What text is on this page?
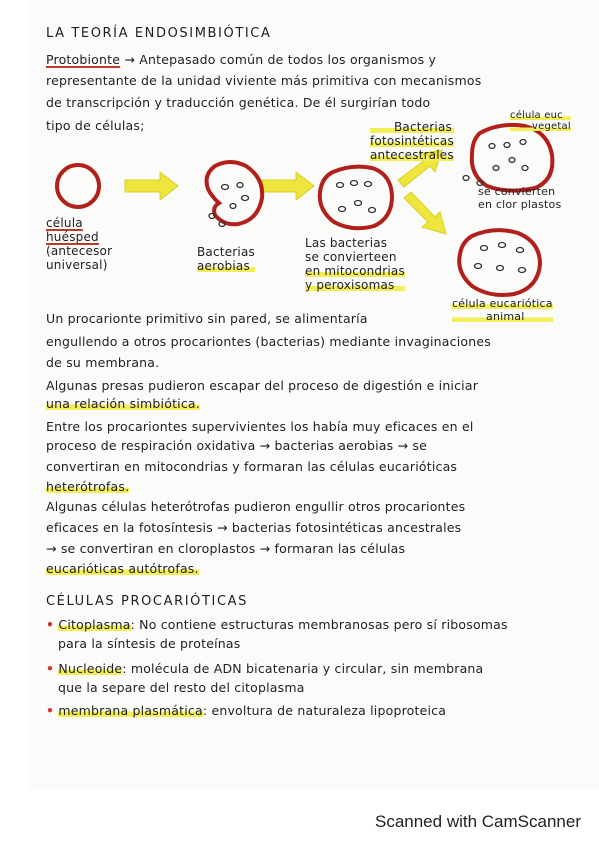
LA TEORÍA ENDOSIMBIÓTICA

Protobionte → Antepasado común de todos los organismos y

representante de la unidad viviente más primitiva con mecanismos

de transcripción y traducción genética. De él surgirían todo

tipo de células;

célula
huésped
(antecesor
universal)
Bacterias
aerobias
Las bacterias
se convierteen
en mitocondrias
y peroxisomas
Bacterias
fotosintéticas
antecestrales
célula euc
vegetal
se convierten
en clor plastos
célula eucariótica
animal

Un procarionte primitivo sin pared, se alimentaría

engullendo a otros procariontes (bacterias) mediante invaginaciones

de su membrana.

Algunas presas pudieron escapar del proceso de digestión e iniciar

una relación simbiótica.

Entre los procariontes supervivientes los había muy eficaces en el

proceso de respiración oxidativa → bacterias aerobias → se

convertiran en mitocondrias y formaran las células eucarióticas

heterótrofas.

Algunas células heterótrofas pudieron engullir otros procariontes

eficaces en la fotosíntesis → bacterias fotosintéticas ancestrales

→ se convertiran en cloroplastos → formaran las células

eucarióticas autótrofas.

CÉLULAS PROCARIÓTICAS

• Citoplasma: No contiene estructuras membranosas pero sí ribosomas

para la síntesis de proteínas

• Nucleoide: molécula de ADN bicatenaria y circular, sin membrana

que la separe del resto del citoplasma

• membrana plasmática: envoltura de naturaleza lipoproteica

Scanned with CamScanner
